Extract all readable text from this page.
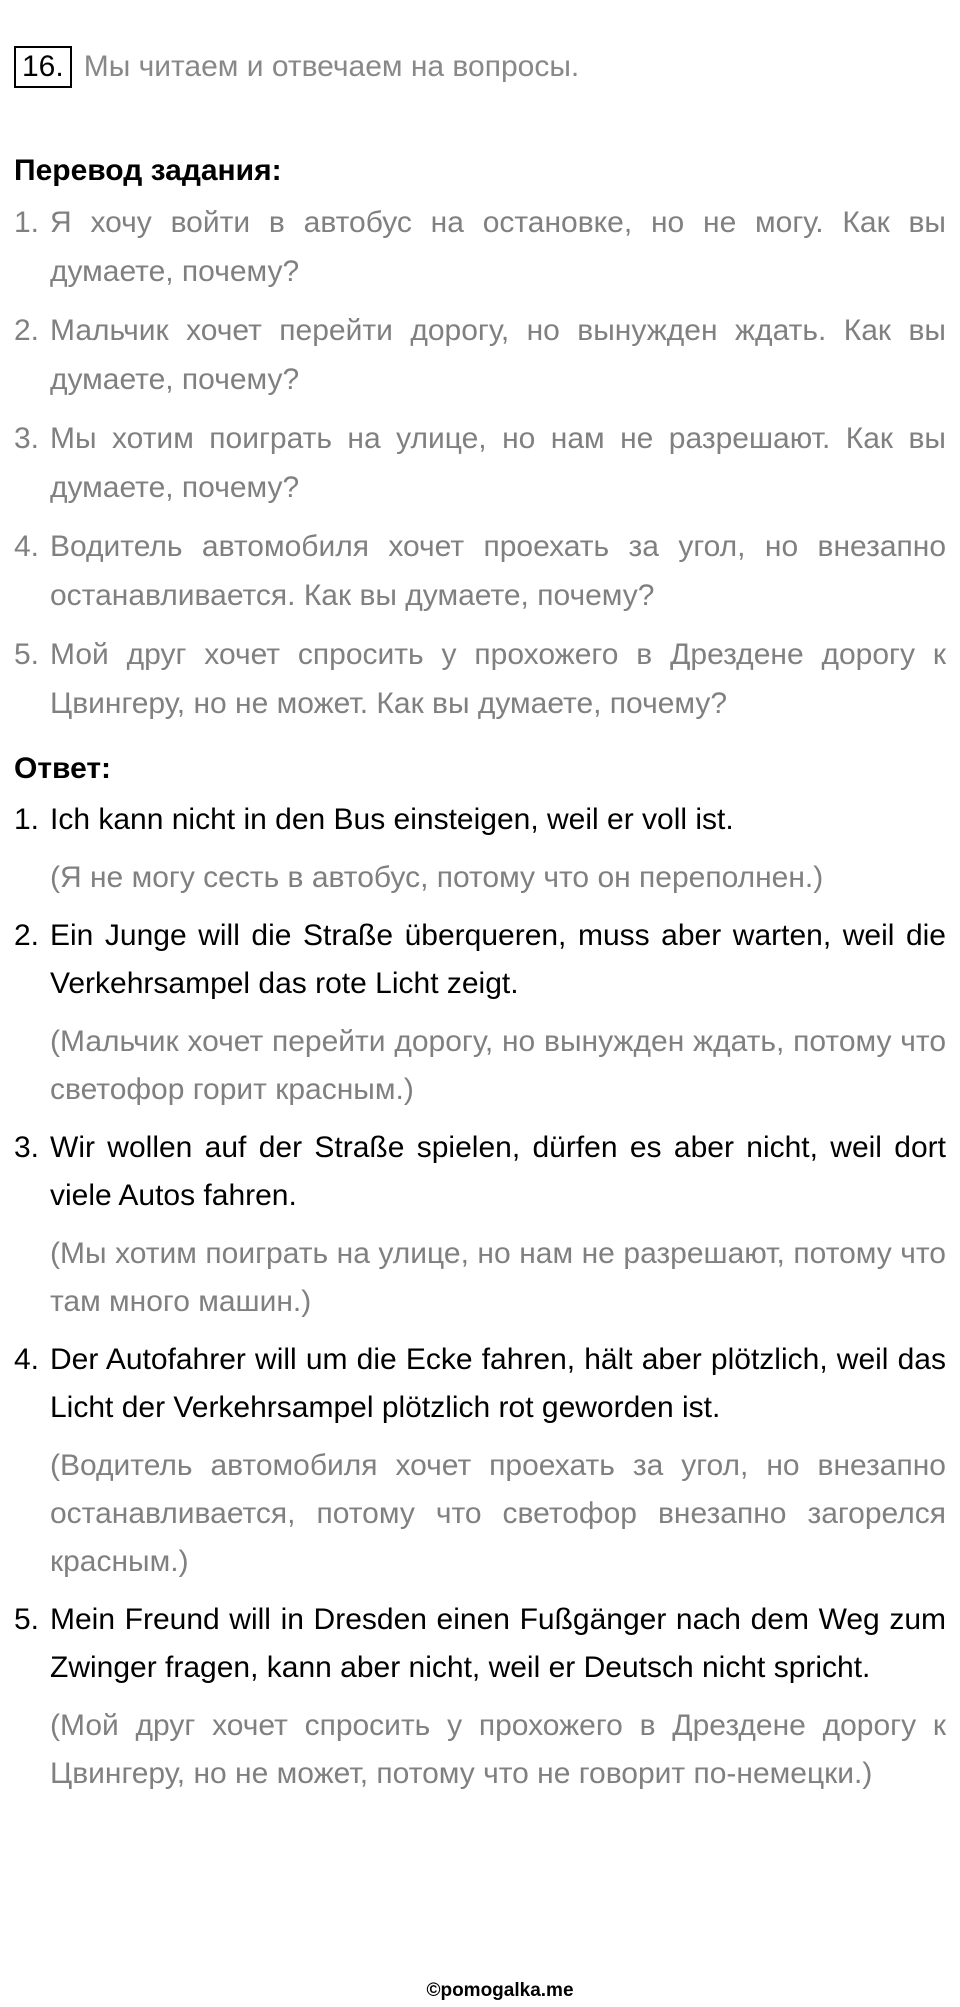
16. Мы читаем и отвечаем на вопросы.
Перевод задания:
1. Я хочу войти в автобус на остановке, но не могу. Как вы думаете, почему?
2. Мальчик хочет перейти дорогу, но вынужден ждать. Как вы думаете, почему?
3. Мы хотим поиграть на улице, но нам не разрешают. Как вы думаете, почему?
4. Водитель автомобиля хочет проехать за угол, но внезапно останавливается. Как вы думаете, почему?
5. Мой друг хочет спросить у прохожего в Дрездене дорогу к Цвингеру, но не может. Как вы думаете, почему?
Ответ:
1. Ich kann nicht in den Bus einsteigen, weil er voll ist.
(Я не могу сесть в автобус, потому что он переполнен.)
2. Ein Junge will die Straße überqueren, muss aber warten, weil die Verkehrsampel das rote Licht zeigt.
(Мальчик хочет перейти дорогу, но вынужден ждать, потому что светофор горит красным.)
3. Wir wollen auf der Straße spielen, dürfen es aber nicht, weil dort viele Autos fahren.
(Мы хотим поиграть на улице, но нам не разрешают, потому что там много машин.)
4. Der Autofahrer will um die Ecke fahren, hält aber plötzlich, weil das Licht der Verkehrsampel plötzlich rot geworden ist.
(Водитель автомобиля хочет проехать за угол, но внезапно останавливается, потому что светофор внезапно загорелся красным.)
5. Mein Freund will in Dresden einen Fußgänger nach dem Weg zum Zwinger fragen, kann aber nicht, weil er Deutsch nicht spricht.
(Мой друг хочет спросить у прохожего в Дрездене дорогу к Цвингеру, но не может, потому что не говорит по-немецки.)
©pomogalka.me
